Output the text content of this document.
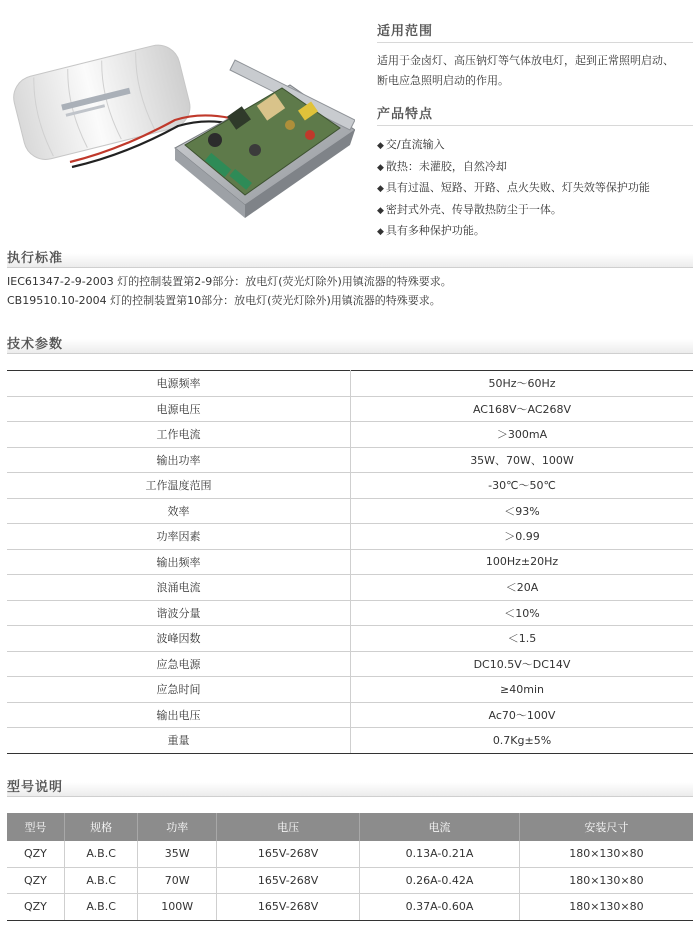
适用范围
适用于金卤灯、高压钠灯等气体放电灯，起到正常照明启动、
断电应急照明启动的作用。
产品特点
◆ 交/直流输入
◆ 散热：未灌胶，自然冷却
◆ 具有过温、短路、开路、点火失败、灯失效等保护功能
◆ 密封式外壳、传导散热防尘于一体。
◆ 具有多种保护功能。
执行标准
IEC61347-2-9-2003 灯的控制装置第2-9部分：放电灯(荧光灯除外)用镇流器的特殊要求。
CB19510.10-2004 灯的控制装置第10部分：放电灯(荧光灯除外)用镇流器的特殊要求。
技术参数
电源频率	50Hz～60Hz
电源电压	AC168V～AC268V
工作电流	＞300mA
输出功率	35W、70W、100W
工作温度范围	-30℃～50℃
效率	＜93%
功率因素	＞0.99
输出频率	100Hz±20Hz
浪涌电流	＜20A
谐波分量	＜10%
波峰因数	＜1.5
应急电源	DC10.5V～DC14V
应急时间	≥40min
输出电压	Ac70～100V
重量	0.7Kg±5%
型号说明
型号	规格	功率	电压	电流	安装尺寸
QZY	A.B.C	35W	165V-268V	0.13A-0.21A	180×130×80
QZY	A.B.C	70W	165V-268V	0.26A-0.42A	180×130×80
QZY	A.B.C	100W	165V-268V	0.37A-0.60A	180×130×80
